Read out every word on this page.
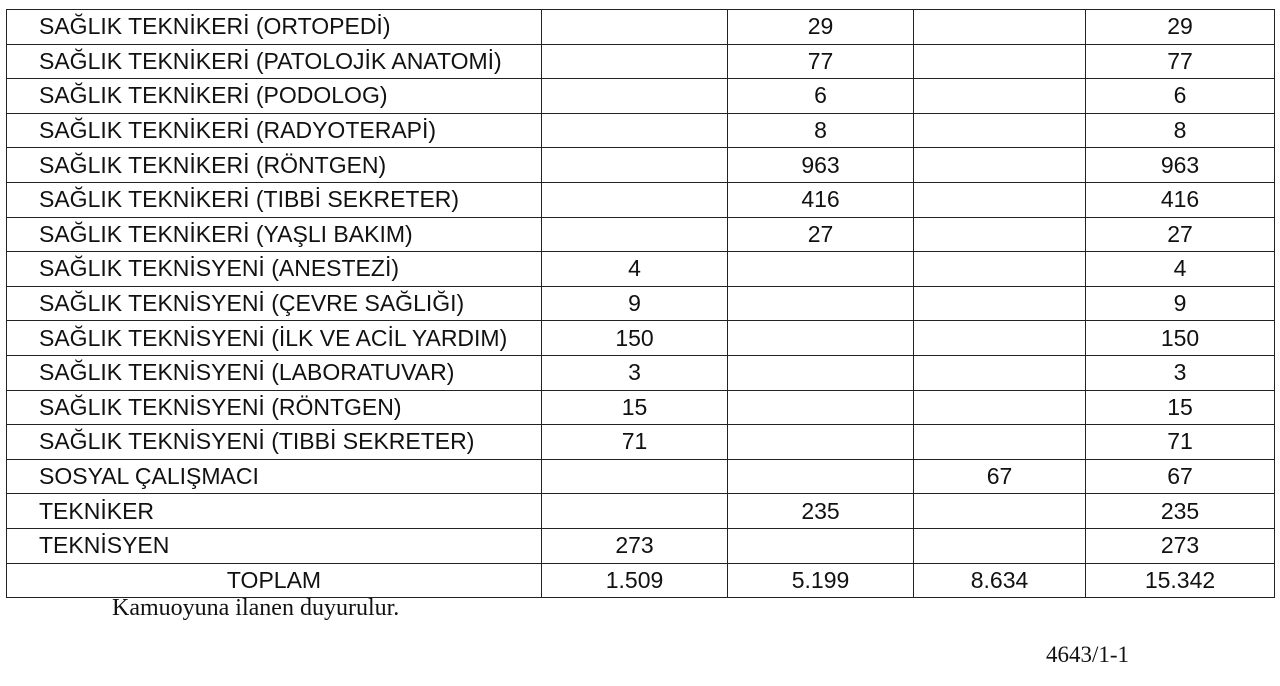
SAĞLIK TEKNİKERİ (ORTOPEDİ)		29		29
SAĞLIK TEKNİKERİ (PATOLOJİK ANATOMİ)		77		77
SAĞLIK TEKNİKERİ (PODOLOG)		6		6
SAĞLIK TEKNİKERİ (RADYOTERAPİ)		8		8
SAĞLIK TEKNİKERİ (RÖNTGEN)		963		963
SAĞLIK TEKNİKERİ (TIBBİ SEKRETER)		416		416
SAĞLIK TEKNİKERİ (YAŞLI BAKIM)		27		27
SAĞLIK TEKNİSYENİ (ANESTEZİ)	4			4
SAĞLIK TEKNİSYENİ (ÇEVRE SAĞLIĞI)	9			9
SAĞLIK TEKNİSYENİ (İLK VE ACİL YARDIM)	150			150
SAĞLIK TEKNİSYENİ (LABORATUVAR)	3			3
SAĞLIK TEKNİSYENİ (RÖNTGEN)	15			15
SAĞLIK TEKNİSYENİ (TIBBİ SEKRETER)	71			71
SOSYAL ÇALIŞMACI			67	67
TEKNİKER		235		235
TEKNİSYEN	273			273
TOPLAM	1.509	5.199	8.634	15.342
Kamuoyuna ilanen duyurulur.
4643/1-1
